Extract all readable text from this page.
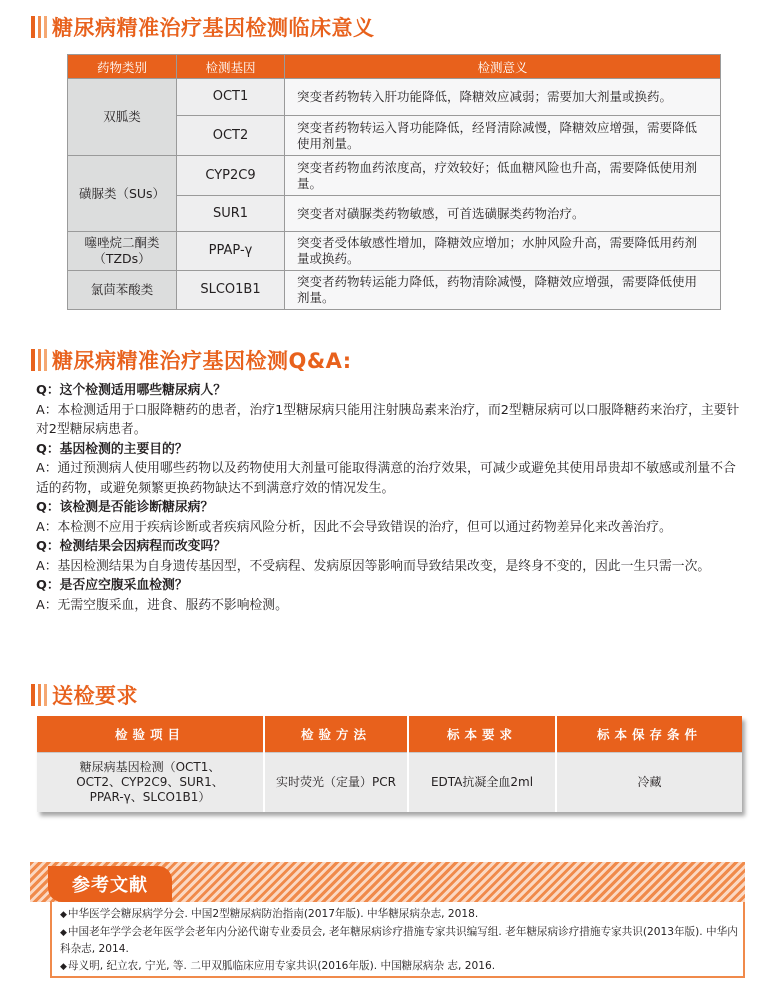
糖尿病精准治疗基因检测临床意义
药物类别	检测基因	检测意义
双胍类	OCT1	突变者药物转入肝功能降低，降糖效应减弱；需要加大剂量或换药。
	OCT2	突变者药物转运入肾功能降低，经肾清除减慢，降糖效应增强，需要降低使用剂量。
磺脲类（SUs）	CYP2C9	突变者药物血药浓度高，疗效较好；低血糖风险也升高，需要降低使用剂量。
	SUR1	突变者对磺脲类药物敏感，可首选磺脲类药物治疗。
噻唑烷二酮类（TZDs）	PPAP-γ	突变者受体敏感性增加，降糖效应增加；水肿风险升高，需要降低用药剂量或换药。
氯茴苯酸类	SLCO1B1	突变者药物转运能力降低，药物清除减慢，降糖效应增强，需要降低使用剂量。
糖尿病精准治疗基因检测Q&A:
Q：这个检测适用哪些糖尿病人？
A：本检测适用于口服降糖药的患者，治疗1型糖尿病只能用注射胰岛素来治疗，而2型糖尿病可以口服降糖药来治疗，主要针对2型糖尿病患者。
Q：基因检测的主要目的？
A：通过预测病人使用哪些药物以及药物使用大剂量可能取得满意的治疗效果，可减少或避免其使用昂贵却不敏感或剂量不合适的药物，或避免频繁更换药物缺达不到满意疗效的情况发生。
Q：该检测是否能诊断糖尿病？
A：本检测不应用于疾病诊断或者疾病风险分析，因此不会导致错误的治疗，但可以通过药物差异化来改善治疗。
Q：检测结果会因病程而改变吗？
A：基因检测结果为自身遗传基因型，不受病程、发病原因等影响而导致结果改变，是终身不变的，因此一生只需一次。
Q：是否应空腹采血检测？
A：无需空腹采血，进食、服药不影响检测。
送检要求
检验项目	检验方法	标本要求	标本保存条件
糖尿病基因检测（OCT1、OCT2、CYP2C9、SUR1、PPAR-γ、SLCO1B1）	实时荧光（定量）PCR	EDTA抗凝全血2ml	冷藏
参考文献
◆中华医学会糖尿病学分会. 中国2型糖尿病防治指南(2017年版). 中华糖尿病杂志, 2018.
◆中国老年学学会老年医学会老年内分泌代谢专业委员会, 老年糖尿病诊疗措施专家共识编写组. 老年糖尿病诊疗措施专家共识(2013年版). 中华内科杂志, 2014.
◆母义明, 纪立农, 宁光, 等. 二甲双胍临床应用专家共识(2016年版). 中国糖尿病杂 志, 2016.
